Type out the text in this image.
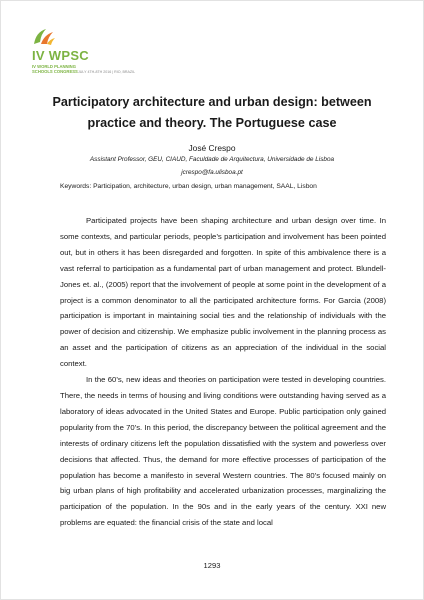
IV WPSC
IV WORLD PLANNING
SCHOOLS CONGRESS JULY 4TH-8TH 2016 | RIO, BRAZIL
Participatory architecture and urban design: between
practice and theory. The Portuguese case

José Crespo

Assistant Professor, GEU, CIAUD, Faculdade de Arquitectura, Universidade de Lisboa

jcrespo@fa.ulisboa.pt

Keywords: Participation, architecture, urban design, urban management, SAAL, Lisbon

Participated projects have been shaping architecture and urban design over time. In some contexts, and particular periods, people’s participation and involvement has been pointed out, but in others it has been disregarded and forgotten. In spite of this ambivalence there is a vast referral to participation as a fundamental part of urban management and protect. Blundell-Jones et. al., (2005) report that the involvement of people at some point in the development of a project is a common denominator to all the participated architecture forms. For Garcia (2008) participation is important in maintaining social ties and the relationship of individuals with the power of decision and citizenship. We emphasize public involvement in the planning process as an asset and the participation of citizens as an appreciation of the individual in the social context.

In the 60’s, new ideas and theories on participation were tested in developing countries. There, the needs in terms of housing and living conditions were outstanding having served as a laboratory of ideas advocated in the United States and Europe. Public participation only gained popularity from the 70’s. In this period, the discrepancy between the political agreement and the interests of ordinary citizens left the population dissatisfied with the system and powerless over decisions that affected. Thus, the demand for more effective processes of participation of the population has become a manifesto in several Western countries. The 80’s focused mainly on big urban plans of high profitability and accelerated urbanization processes, marginalizing the participation of the population. In the 90s and in the early years of the century. XXI new problems are equated: the financial crisis of the state and local

1293
